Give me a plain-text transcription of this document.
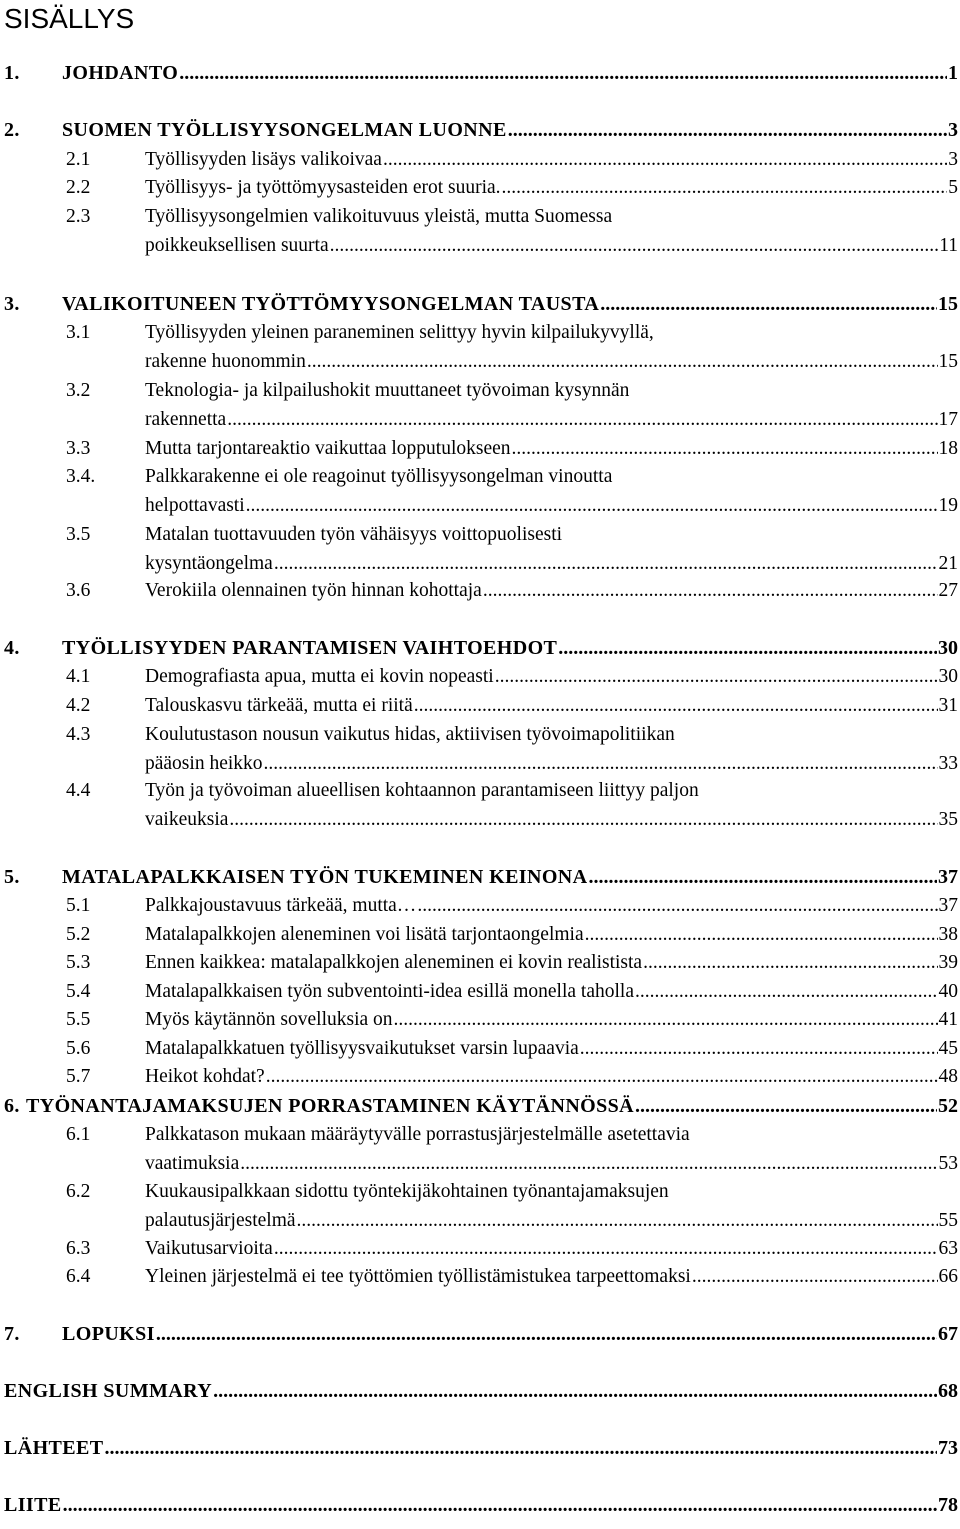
SISÄLLYS
1. JOHDANTO .....	1
2. SUOMEN TYÖLLISYYSONGELMAN LUONNE .....	3
2.1	Työllisyyden lisäys valikoivaa .....	3
2.2	Työllisyys- ja työttömyysasteiden erot suuria. .....	5
2.3	Työllisyysongelmien valikoituvuus yleistä, mutta Suomessa
poikkeuksellisen suurta .....	11
3. VALIKOITUNEEN TYÖTTÖMYYSONGELMAN TAUSTA .....	15
3.1	Työllisyyden yleinen paraneminen selittyy hyvin kilpailukyvyllä,
rakenne huonommin .....	15
3.2	Teknologia- ja kilpailushokit muuttaneet työvoiman kysynnän
rakennetta .....	17
3.3	Mutta tarjontareaktio vaikuttaa lopputulokseen .....	18
3.4.	Palkkarakenne ei ole reagoinut työllisyysongelman vinoutta
helpottavasti .....	19
3.5	Matalan tuottavuuden työn vähäisyys voittopuolisesti
kysyntäongelma .....	21
3.6	Verokiila olennainen työn hinnan kohottaja .....	27
4. TYÖLLISYYDEN PARANTAMISEN VAIHTOEHDOT .....	30
4.1	Demografiasta apua, mutta ei kovin nopeasti .....	30
4.2	Talouskasvu tärkeää, mutta ei riitä .....	31
4.3	Koulutustason nousun vaikutus hidas, aktiivisen työvoimapolitiikan
pääosin heikko .....	33
4.4	Työn ja työvoiman alueellisen kohtaannon parantamiseen liittyy paljon
vaikeuksia .....	35
5. MATALAPALKKAISEN TYÖN TUKEMINEN KEINONA .....	37
5.1	Palkkajoustavuus tärkeää, mutta… .....	37
5.2	Matalapalkkojen aleneminen voi lisätä tarjontaongelmia .....	38
5.3	Ennen kaikkea: matalapalkkojen aleneminen ei kovin realistista .....	39
5.4	Matalapalkkaisen työn subventointi-idea esillä monella taholla .....	40
5.5	Myös käytännön sovelluksia on .....	41
5.6	Matalapalkkatuen työllisyysvaikutukset varsin lupaavia .....	45
5.7	Heikot kohdat? .....	48
6. TYÖNANTAJAMAKSUJEN PORRASTAMINEN KÄYTÄNNÖSSÄ .....	52
6.1	Palkkatason mukaan määräytyvälle porrastusjärjestelmälle asetettavia
vaatimuksia .....	53
6.2	Kuukausipalkkaan sidottu työntekijäkohtainen työnantajamaksujen
palautusjärjestelmä .....	55
6.3	Vaikutusarvioita .....	63
6.4	Yleinen järjestelmä ei tee työttömien työllistämistukea tarpeettomaksi .....	66
7. LOPUKSI .....	67
ENGLISH SUMMARY .....	68
LÄHTEET .....	73
LIITE .....	78
